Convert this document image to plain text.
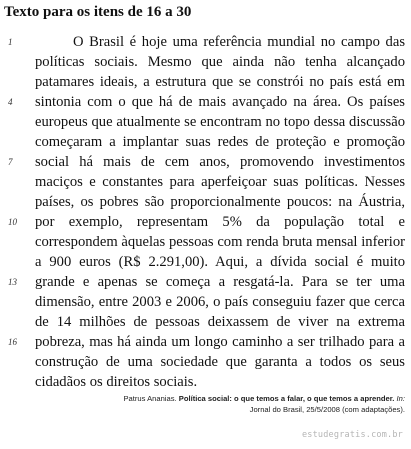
Texto para os itens de 16 a 30
1	O Brasil é hoje uma referência mundial no campo das
políticas sociais. Mesmo que ainda não tenha alcançado
patamares ideais, a estrutura que se constrói no país está em
4	sintonia com o que há de mais avançado na área. Os países
europeus que atualmente se encontram no topo dessa discussão
começaram a implantar suas redes de proteção e promoção
7	social há mais de cem anos, promovendo investimentos
maciços e constantes para aperfeiçoar suas políticas. Nesses
países, os pobres são proporcionalmente poucos: na Áustria,
10 por exemplo, representam 5% da população total e
correspondem àquelas pessoas com renda bruta mensal inferior
a 900 euros (R$ 2.291,00). Aqui, a dívida social é muito
13 grande e apenas se começa a resgatá-la. Para se ter uma
dimensão, entre 2003 e 2006, o país conseguiu fazer que cerca
de 14 milhões de pessoas deixassem de viver na extrema
16 pobreza, mas há ainda um longo caminho a ser trilhado para a
construção de uma sociedade que garanta a todos os seus
cidadãos os direitos sociais.
Patrus Ananias. Política social: o que temos a falar, o que temos a aprender. In: Jornal do Brasil, 25/5/2008 (com adaptações).
estudegratis.com.br
